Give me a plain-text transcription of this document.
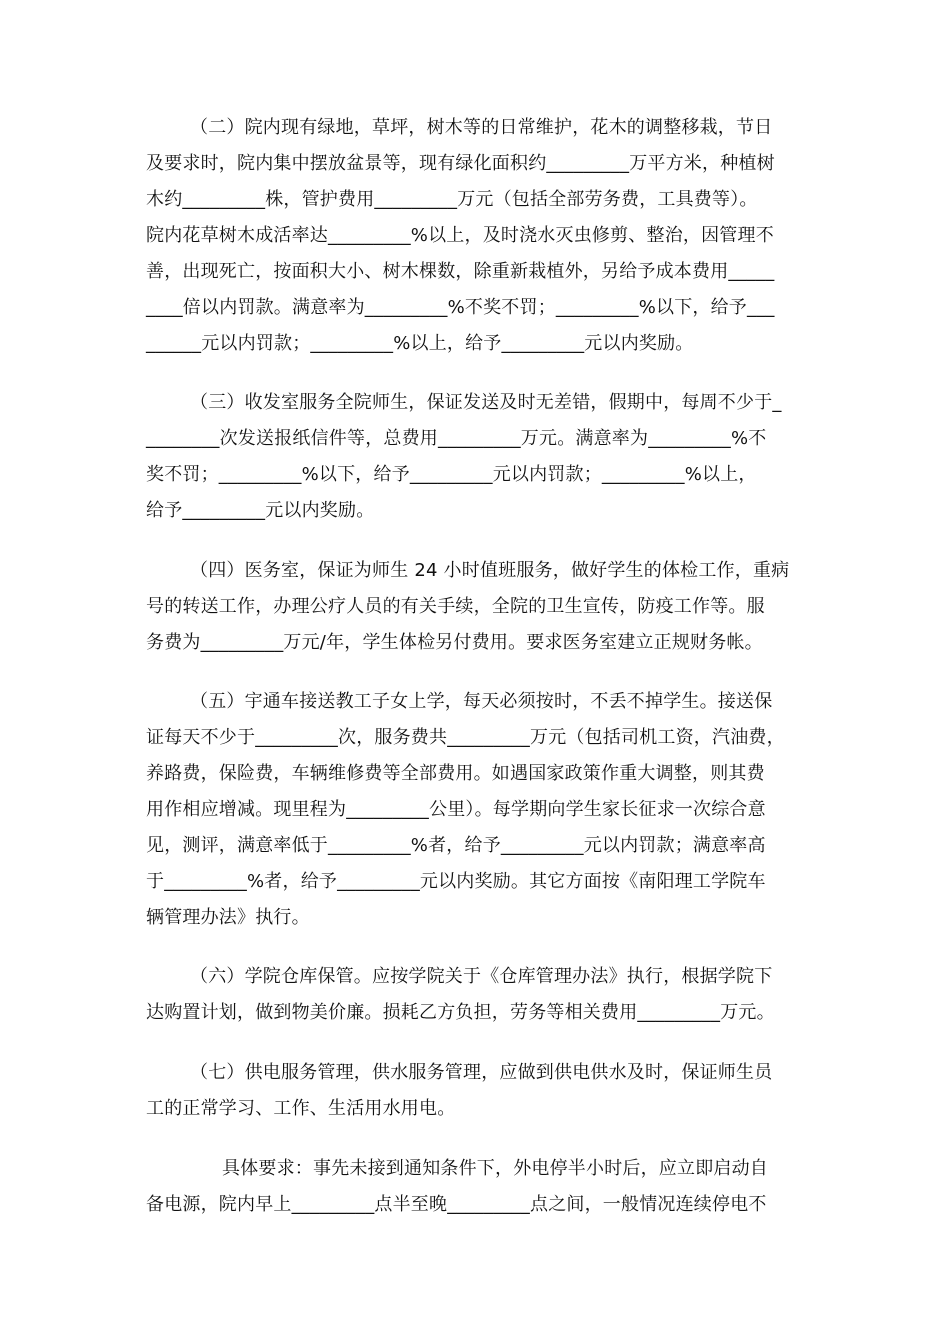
（二）院内现有绿地，草坪，树木等的日常维护，花木的调整移栽，节日
及要求时，院内集中摆放盆景等，现有绿化面积约_________万平方米，种植树
木约_________株，管护费用_________万元（包括全部劳务费，工具费等）。
院内花草树木成活率达_________%以上，及时浇水灭虫修剪、整治，因管理不
善，出现死亡，按面积大小、树木棵数，除重新栽植外，另给予成本费用_____
____倍以内罚款。满意率为_________%不奖不罚；_________%以下，给予___
______元以内罚款；_________%以上，给予_________元以内奖励。
（三）收发室服务全院师生，保证发送及时无差错，假期中，每周不少于_
________次发送报纸信件等，总费用_________万元。满意率为_________%不
奖不罚；_________%以下，给予_________元以内罚款；_________%以上，
给予_________元以内奖励。
（四）医务室，保证为师生 24 小时值班服务，做好学生的体检工作，重病
号的转送工作，办理公疗人员的有关手续，全院的卫生宣传，防疫工作等。服
务费为_________万元/年，学生体检另付费用。要求医务室建立正规财务帐。
（五）宇通车接送教工子女上学，每天必须按时，不丢不掉学生。接送保
证每天不少于_________次，服务费共_________万元（包括司机工资，汽油费，
养路费，保险费，车辆维修费等全部费用。如遇国家政策作重大调整，则其费
用作相应增减。现里程为_________公里）。每学期向学生家长征求一次综合意
见，测评，满意率低于_________%者，给予_________元以内罚款；满意率高
于_________%者，给予_________元以内奖励。其它方面按《南阳理工学院车
辆管理办法》执行。
（六）学院仓库保管。应按学院关于《仓库管理办法》执行，根据学院下
达购置计划，做到物美价廉。损耗乙方负担，劳务等相关费用_________万元。
（七）供电服务管理，供水服务管理，应做到供电供水及时，保证师生员
工的正常学习、工作、生活用水用电。
具体要求：事先未接到通知条件下，外电停半小时后，应立即启动自
备电源，院内早上_________点半至晚_________点之间，一般情况连续停电不
